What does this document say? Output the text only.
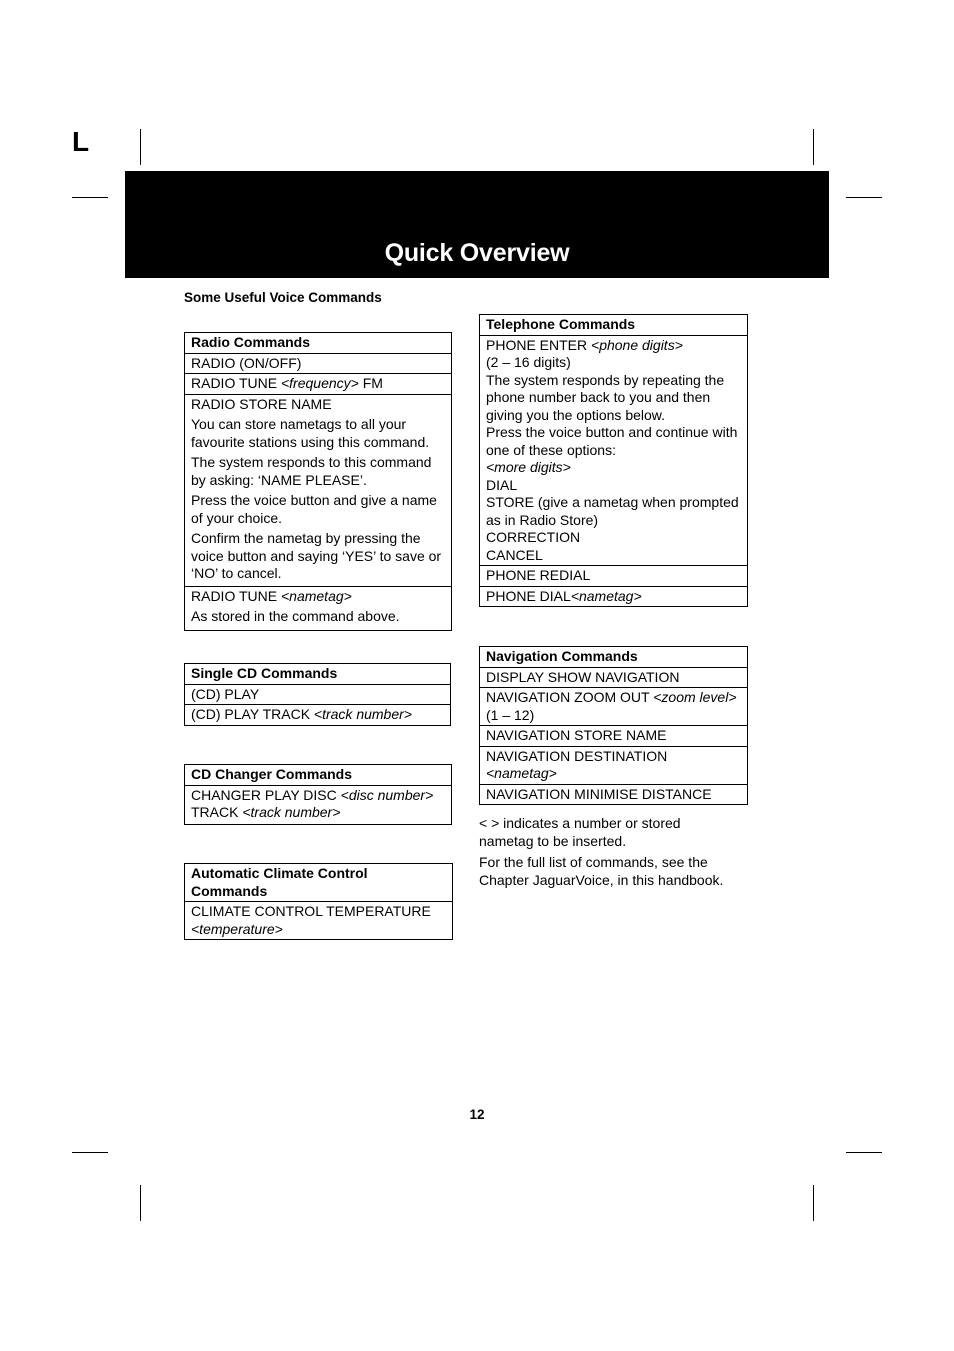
L
Quick Overview
Some Useful Voice Commands
Radio Commands
RADIO (ON/OFF)
RADIO TUNE <frequency> FM
RADIO STORE NAME
You can store nametags to all your favourite stations using this command.
The system responds to this command by asking: ‘NAME PLEASE’.
Press the voice button and give a name of your choice.
Confirm the nametag by pressing the voice button and saying ‘YES’ to save or ‘NO’ to cancel.
RADIO TUNE <nametag>
As stored in the command above.
Single CD Commands
(CD) PLAY
(CD) PLAY TRACK <track number>
CD Changer Commands
CHANGER PLAY DISC <disc number>
TRACK <track number>
Automatic Climate Control Commands
CLIMATE CONTROL TEMPERATURE
<temperature>
Telephone Commands
PHONE ENTER <phone digits>
(2 – 16 digits)
The system responds by repeating the phone number back to you and then giving you the options below.
Press the voice button and continue with one of these options:
<more digits>
DIAL
STORE (give a nametag when prompted as in Radio Store)
CORRECTION
CANCEL
PHONE REDIAL
PHONE DIAL<nametag>
Navigation Commands
DISPLAY SHOW NAVIGATION
NAVIGATION ZOOM OUT <zoom level>
(1 – 12)
NAVIGATION STORE NAME
NAVIGATION DESTINATION
<nametag>
NAVIGATION MINIMISE DISTANCE
< > indicates a number or stored nametag to be inserted.
For the full list of commands, see the Chapter JaguarVoice, in this handbook.
12
